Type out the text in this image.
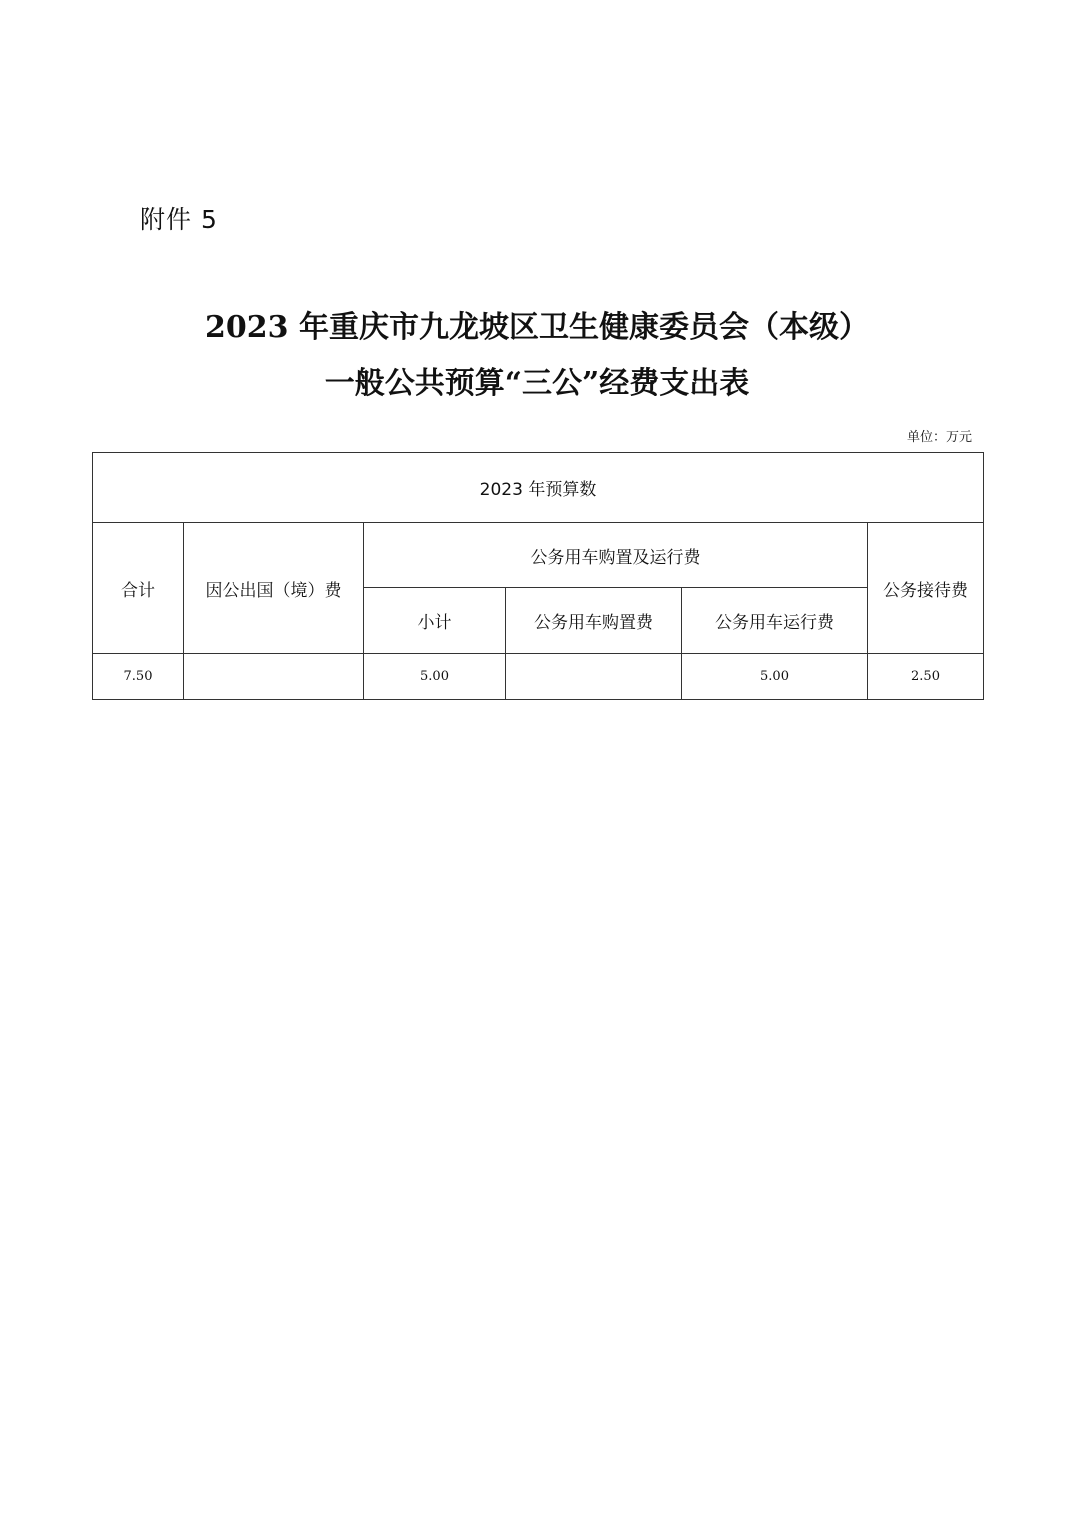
附件 5
2023 年重庆市九龙坡区卫生健康委员会（本级）
一般公共预算“三公”经费支出表
单位：万元
2023 年预算数					
合计	因公出国（境）费	公务用车购置及运行费			公务接待费
		小计	公务用车购置费	公务用车运行费	
7.50		5.00		5.00	2.50
